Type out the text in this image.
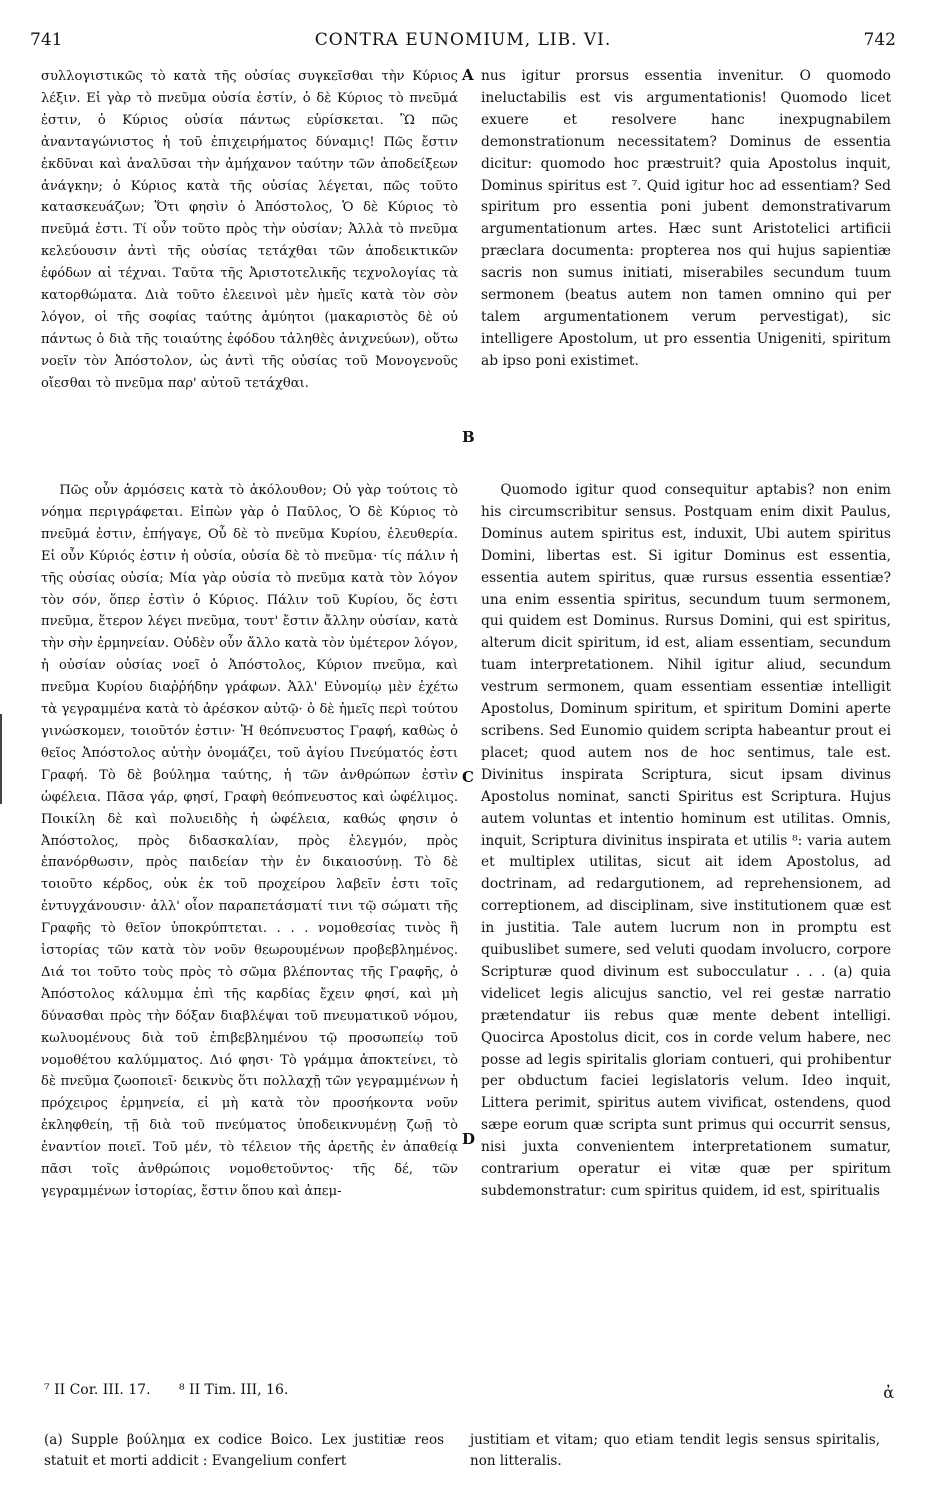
741	CONTRA EUNOMIUM, LIB. VI.	742

συλλογιστικῶς τὸ κατὰ τῆς οὐσίας συγκεῖσθαι τὴν Κύριος λέξιν. Εἰ γὰρ τὸ πνεῦμα οὐσία ἐστίν, ὁ δὲ Κύριος τὸ πνεῦμά ἐστιν, ὁ Κύριος οὐσία πάντως εὑρίσκεται. Ὢ πῶς ἀνανταγώνιστος ἡ τοῦ ἐπιχειρήματος δύναμις! Πῶς ἔστιν ἐκδῦναι καὶ ἀναλῦσαι τὴν ἀμήχανον ταύτην τῶν ἀποδείξεων ἀνάγκην; ὁ Κύριος κατὰ τῆς οὐσίας λέγεται, πῶς τοῦτο κατασκευάζων; Ὅτι φησὶν ὁ Ἀπόστολος, Ὁ δὲ Κύριος τὸ πνεῦμά ἐστι. Τί οὖν τοῦτο πρὸς τὴν οὐσίαν; Ἀλλὰ τὸ πνεῦμα κελεύουσιν ἀντὶ τῆς οὐσίας τετάχθαι τῶν ἀποδεικτικῶν ἐφόδων αἱ τέχναι. Ταῦτα τῆς Ἀριστοτελικῆς τεχνολογίας τὰ κατορθώματα. Διὰ τοῦτο ἐλεεινοὶ μὲν ἡμεῖς κατὰ τὸν σὸν λόγον, οἱ τῆς σοφίας ταύτης ἀμύητοι (μακαριστὸς δὲ οὐ πάντως ὁ διὰ τῆς τοιαύτης ἐφόδου τἀληθὲς ἀνιχνεύων), οὕτω νοεῖν τὸν Ἀπόστολον, ὡς ἀντὶ τῆς οὐσίας τοῦ Μονογενοῦς οἴεσθαι τὸ πνεῦμα παρ' αὐτοῦ τετάχθαι.

Πῶς οὖν ἁρμόσεις κατὰ τὸ ἀκόλουθον; Οὐ γὰρ τούτοις τὸ νόημα περιγράφεται. Εἰπὼν γὰρ ὁ Παῦλος, Ὁ δὲ Κύριος τὸ πνεῦμά ἐστιν, ἐπήγαγε, Οὗ δὲ τὸ πνεῦμα Κυρίου, ἐλευθερία. Εἰ οὖν Κύριός ἐστιν ἡ οὐσία, οὐσία δὲ τὸ πνεῦμα· τίς πάλιν ἡ τῆς οὐσίας οὐσία; Μία γὰρ οὐσία τὸ πνεῦμα κατὰ τὸν λόγον τὸν σόν, ὅπερ ἐστὶν ὁ Κύριος. Πάλιν τοῦ Κυρίου, ὅς ἐστι πνεῦμα, ἕτερον λέγει πνεῦμα, τουτ' ἔστιν ἄλλην οὐσίαν, κατὰ τὴν σὴν ἑρμηνείαν. Οὐδὲν οὖν ἄλλο κατὰ τὸν ὑμέτερον λόγον, ἡ οὐσίαν οὐσίας νοεῖ ὁ Ἀπόστολος, Κύριον πνεῦμα, καὶ πνεῦμα Κυρίου διαῤῥήδην γράφων. Ἀλλ' Εὐνομίῳ μὲν ἐχέτω τὰ γεγραμμένα κατὰ τὸ ἀρέσκον αὐτῷ· ὁ δὲ ἡμεῖς περὶ τούτου γινώσκομεν, τοιοῦτόν ἐστιν· Ἡ θεόπνευστος Γραφή, καθὼς ὁ θεῖος Ἀπόστολος αὐτὴν ὀνομάζει, τοῦ ἁγίου Πνεύματός ἐστι Γραφή. Τὸ δὲ βούλημα ταύτης, ἡ τῶν ἀνθρώπων ἐστὶν ὠφέλεια. Πᾶσα γάρ, φησί, Γραφὴ θεόπνευστος καὶ ὠφέλιμος. Ποικίλη δὲ καὶ πολυειδὴς ἡ ὠφέλεια, καθώς φησιν ὁ Ἀπόστολος, πρὸς διδασκαλίαν, πρὸς ἐλεγμόν, πρὸς ἐπανόρθωσιν, πρὸς παιδείαν τὴν ἐν δικαιοσύνῃ. Τὸ δὲ τοιοῦτο κέρδος, οὐκ ἐκ τοῦ προχείρου λαβεῖν ἐστι τοῖς ἐντυγχάνουσιν· ἀλλ' οἷον παραπετάσματί τινι τῷ σώματι τῆς Γραφῆς τὸ θεῖον ὑποκρύπτεται. . . . νομοθεσίας τινὸς ἢ ἱστορίας τῶν κατὰ τὸν νοῦν θεωρουμένων προβεβλημένος. Διά τοι τοῦτο τοὺς πρὸς τὸ σῶμα βλέποντας τῆς Γραφῆς, ὁ Ἀπόστολος κάλυμμα ἐπὶ τῆς καρδίας ἔχειν φησί, καὶ μὴ δύνασθαι πρὸς τὴν δόξαν διαβλέψαι τοῦ πνευματικοῦ νόμου, κωλυομένους διὰ τοῦ ἐπιβεβλημένου τῷ προσωπείῳ τοῦ νομοθέτου καλύμματος. Διό φησι· Τὸ γράμμα ἀποκτείνει, τὸ δὲ πνεῦμα ζωοποιεῖ· δεικνὺς ὅτι πολλαχῇ τῶν γεγραμμένων ἡ πρόχειρος ἑρμηνεία, εἰ μὴ κατὰ τὸν προσήκοντα νοῦν ἐκληφθείη, τῇ διὰ τοῦ πνεύματος ὑποδεικνυμένῃ ζωῇ τὸ ἐναντίον ποιεῖ. Τοῦ μέν, τὸ τέλειον τῆς ἀρετῆς ἐν ἀπαθείᾳ πᾶσι τοῖς ἀνθρώποις νομοθετοῦντος· τῆς δέ, τῶν γεγραμμένων ἱστορίας, ἔστιν ὅπου καὶ ἀπεμ-

nus igitur prorsus essentia invenitur. O quomodo ineluctabilis est vis argumentationis! Quomodo licet exuere et resolvere hanc inexpugnabilem demonstrationum necessitatem? Dominus de essentia dicitur: quomodo hoc præstruit? quia Apostolus inquit, Dominus spiritus est ⁷. Quid igitur hoc ad essentiam? Sed spiritum pro essentia poni jubent demonstrativarum argumentationum artes. Hæc sunt Aristotelici artificii præclara documenta: propterea nos qui hujus sapientiæ sacris non sumus initiati, miserabiles secundum tuum sermonem (beatus autem non tamen omnino qui per talem argumentationem verum pervestigat), sic intelligere Apostolum, ut pro essentia Unigeniti, spiritum ab ipso poni existimet.

Quomodo igitur quod consequitur aptabis? non enim his circumscribitur sensus. Postquam enim dixit Paulus, Dominus autem spiritus est, induxit, Ubi autem spiritus Domini, libertas est. Si igitur Dominus est essentia, essentia autem spiritus, quæ rursus essentia essentiæ? una enim essentia spiritus, secundum tuum sermonem, qui quidem est Dominus. Rursus Domini, qui est spiritus, alterum dicit spiritum, id est, aliam essentiam, secundum tuam interpretationem. Nihil igitur aliud, secundum vestrum sermonem, quam essentiam essentiæ intelligit Apostolus, Dominum spiritum, et spiritum Domini aperte scribens. Sed Eunomio quidem scripta habeantur prout ei placet; quod autem nos de hoc sentimus, tale est. Divinitus inspirata Scriptura, sicut ipsam divinus Apostolus nominat, sancti Spiritus est Scriptura. Hujus autem voluntas et intentio hominum est utilitas. Omnis, inquit, Scriptura divinitus inspirata et utilis ⁸: varia autem et multiplex utilitas, sicut ait idem Apostolus, ad doctrinam, ad redargutionem, ad reprehensionem, ad correptionem, ad disciplinam, sive institutionem quæ est in justitia. Tale autem lucrum non in promptu est quibuslibet sumere, sed veluti quodam involucro, corpore Scripturæ quod divinum est subocculatur . . . (a) quia videlicet legis alicujus sanctio, vel rei gestæ narratio prætendatur iis rebus quæ mente debent intelligi. Quocirca Apostolus dicit, cos in corde velum habere, nec posse ad legis spiritalis gloriam contueri, qui prohibentur per obductum faciei legislatoris velum. Ideo inquit, Littera perimit, spiritus autem vivificat, ostendens, quod sæpe eorum quæ scripta sunt primus qui occurrit sensus, nisi juxta convenientem interpretationem sumatur, contrarium operatur ei vitæ quæ per spiritum subdemonstratur: cum spiritus quidem, id est, spiritualis

A
B
C
D
⁷ II Cor. III. 17. ⁸ II Tim. III, 16.	ἀ

(a) Supple βούλημα ex codice Boico. Lex justitiæ reos statuit et morti addicit : Evangelium confert

justitiam et vitam; quo etiam tendit legis sensus spiritalis, non litteralis.
